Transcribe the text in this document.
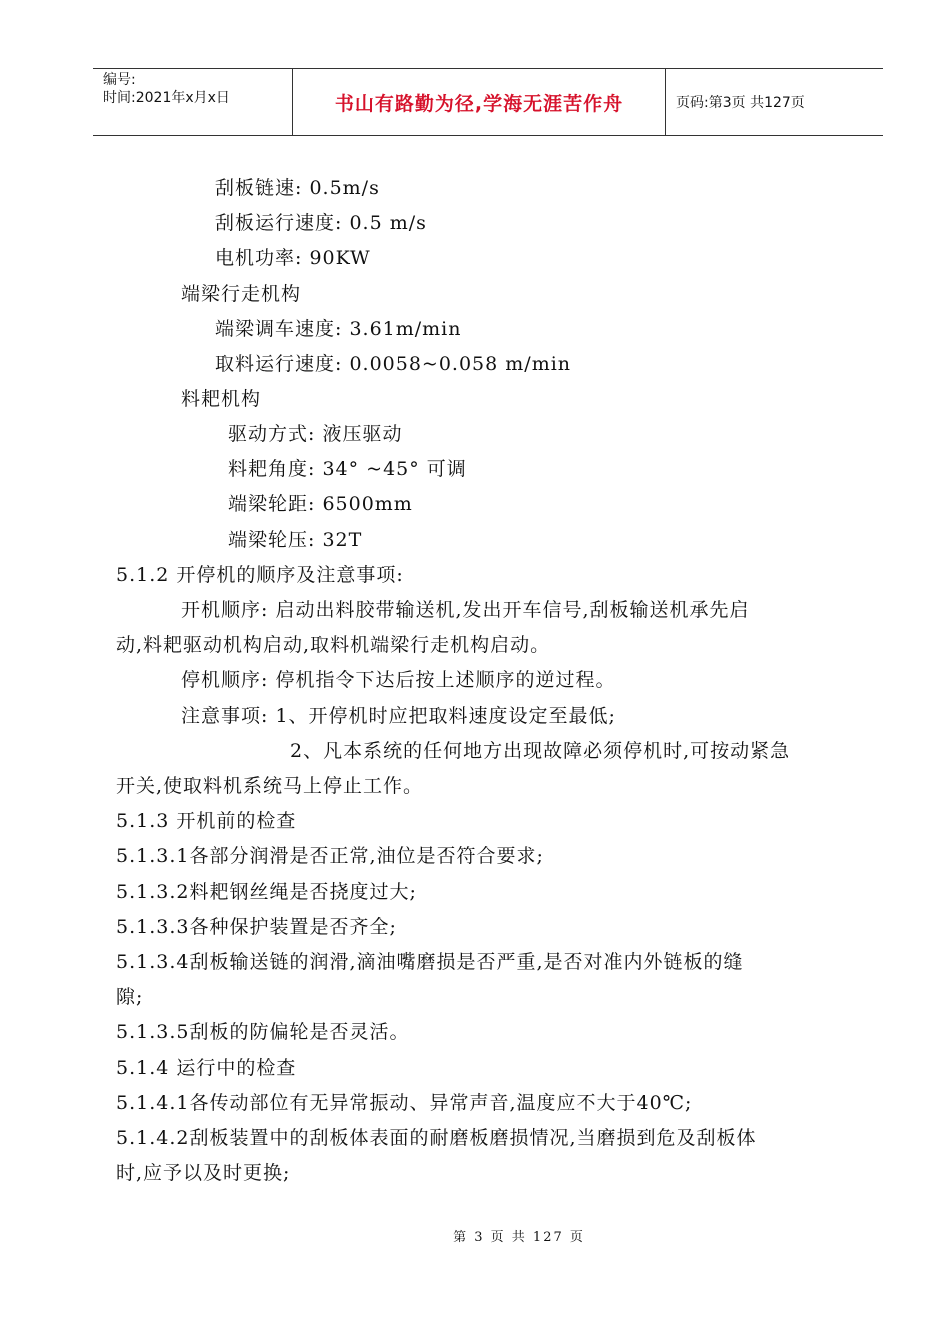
编号:
时间:2021年x月x日	书山有路勤为径,学海无涯苦作舟	页码:第3页 共127页
刮板链速: 0.5m/s
刮板运行速度: 0.5 m/s
电机功率: 90KW
端梁行走机构
端梁调车速度: 3.61m/min
取料运行速度: 0.0058~0.058 m/min
料耙机构
驱动方式: 液压驱动
料耙角度: 34° ~45° 可调
端梁轮距: 6500mm
端梁轮压: 32T
5.1.2 开停机的顺序及注意事项:
开机顺序: 启动出料胶带输送机,发出开车信号,刮板输送机承先启
动,料耙驱动机构启动,取料机端梁行走机构启动。
停机顺序: 停机指令下达后按上述顺序的逆过程。
注意事项: 1、开停机时应把取料速度设定至最低;
2、凡本系统的任何地方出现故障必须停机时,可按动紧急
开关,使取料机系统马上停止工作。
5.1.3 开机前的检查
5.1.3.1各部分润滑是否正常,油位是否符合要求;
5.1.3.2料耙钢丝绳是否挠度过大;
5.1.3.3各种保护装置是否齐全;
5.1.3.4刮板输送链的润滑,滴油嘴磨损是否严重,是否对准内外链板的缝
隙;
5.1.3.5刮板的防偏轮是否灵活。
5.1.4 运行中的检查
5.1.4.1各传动部位有无异常振动、异常声音,温度应不大于40℃;
5.1.4.2刮板装置中的刮板体表面的耐磨板磨损情况,当磨损到危及刮板体
时,应予以及时更换;
第 3 页 共 127 页
